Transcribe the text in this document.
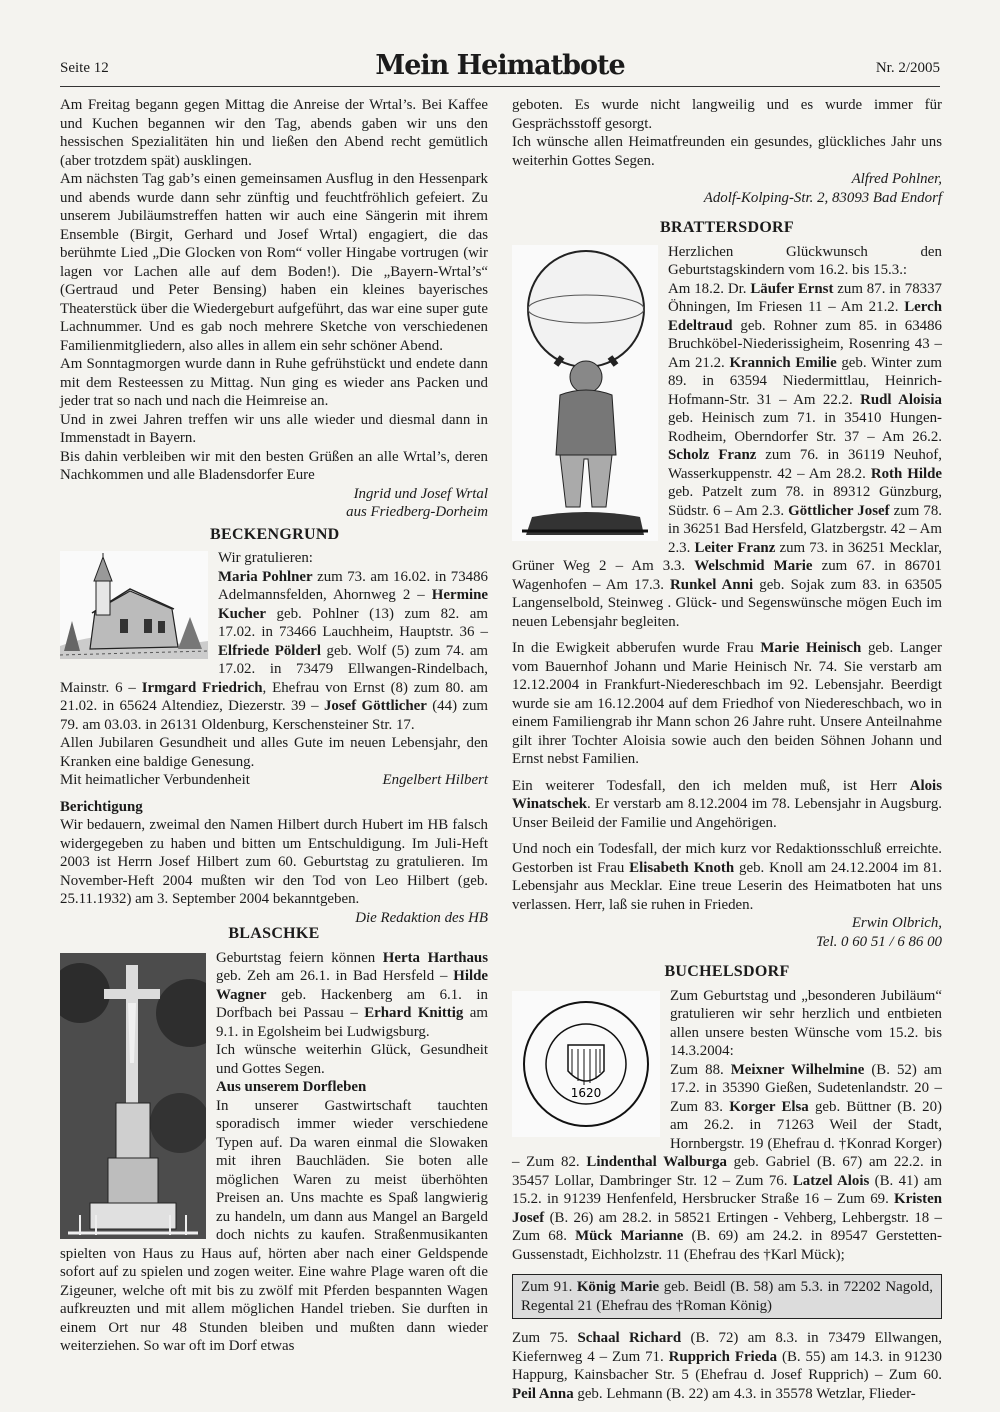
Seite 12	Mein Heimatbote	Nr. 2/2005

Am Freitag begann gegen Mittag die Anreise der Wrtal’s. Bei Kaffee und Kuchen begannen wir den Tag, abends gaben wir uns den hessischen Spezialitäten hin und ließen den Abend recht gemütlich (aber trotzdem spät) ausklingen.

Am nächsten Tag gab’s einen gemeinsamen Ausflug in den Hessenpark und abends wurde dann sehr zünftig und feuchtfröhlich gefeiert. Zu unserem Jubiläumstreffen hatten wir auch eine Sängerin mit ihrem Ensemble (Birgit, Gerhard und Josef Wrtal) engagiert, die das berühmte Lied „Die Glocken von Rom“ voller Hingabe vortrugen (wir lagen vor Lachen alle auf dem Boden!). Die „Bayern-Wrtal’s“ (Gertraud und Peter Bensing) haben ein kleines bayerisches Theaterstück über die Wiedergeburt aufgeführt, das war eine super gute Lachnummer. Und es gab noch mehrere Sketche von verschiedenen Familienmitgliedern, also alles in allem ein sehr schöner Abend.

Am Sonntagmorgen wurde dann in Ruhe gefrühstückt und endete dann mit dem Resteessen zu Mittag. Nun ging es wieder ans Packen und jeder trat so nach und nach die Heimreise an.

Und in zwei Jahren treffen wir uns alle wieder und diesmal dann in Immenstadt in Bayern.

Bis dahin verbleiben wir mit den besten Grüßen an alle Wrtal’s, deren Nachkommen und alle Bladensdorfer Eure

Ingrid und Josef Wrtal

aus Friedberg-Dorheim

BECKENGRUND

Wir gratulieren:

Maria Pohlner zum 73. am 16.02. in 73486 Adelmannsfelden, Ahornweg 2 – Hermine Kucher geb. Pohlner (13) zum 82. am 17.02. in 73466 Lauchheim, Hauptstr. 36 – Elfriede Pölderl geb. Wolf (5) zum 74. am 17.02. in 73479 Ellwangen-Rindelbach, Mainstr. 6 – Irmgard Friedrich, Ehefrau von Ernst (8) zum 80. am 21.02. in 65624 Altendiez, Diezerstr. 39 – Josef Göttlicher (44) zum 79. am 03.03. in 26131 Oldenburg, Kerschensteiner Str. 17.

Allen Jubilaren Gesundheit und alles Gute im neuen Lebensjahr, den Kranken eine baldige Genesung.

Mit heimatlicher Verbundenheit	Engelbert Hilbert

Berichtigung

Wir bedauern, zweimal den Namen Hilbert durch Hubert im HB falsch widergegeben zu haben und bitten um Entschuldigung. Im Juli-Heft 2003 ist Herrn Josef Hilbert zum 60. Geburtstag zu gratulieren. Im November-Heft 2004 mußten wir den Tod von Leo Hilbert (geb. 25.11.1932) am 3. September 2004 bekanntgeben.

Die Redaktion des HB

BLASCHKE

Geburtstag feiern können Herta Harthaus geb. Zeh am 26.1. in Bad Hersfeld – Hilde Wagner geb. Hackenberg am 6.1. in Dorfbach bei Passau – Erhard Knittig am 9.1. in Egolsheim bei Ludwigsburg.

Ich wünsche weiterhin Glück, Gesundheit und Gottes Segen.

Aus unserem Dorfleben

In unserer Gastwirtschaft tauchten sporadisch immer wieder verschiedene Typen auf. Da waren einmal die Slowaken mit ihren Bauchläden. Sie boten alle möglichen Waren zu meist überhöhten Preisen an. Uns machte es Spaß langwierig zu handeln, um dann aus Mangel an Bargeld doch nichts zu kaufen. Straßenmusikanten spielten von Haus zu Haus auf, hörten aber nach einer Geldspende sofort auf zu spielen und zogen weiter. Eine wahre Plage waren oft die Zigeuner, welche oft mit bis zu zwölf mit Pferden bespannten Wagen aufkreuzten und mit allem möglichen Handel trieben. Sie durften in einem Ort nur 48 Stunden bleiben und mußten dann wieder weiterziehen. So war oft im Dorf etwas

geboten. Es wurde nicht langweilig und es wurde immer für Gesprächsstoff gesorgt.

Ich wünsche allen Heimatfreunden ein gesundes, glückliches Jahr uns weiterhin Gottes Segen.

Alfred Pohlner,

Adolf-Kolping-Str. 2, 83093 Bad Endorf

BRATTERSDORF

Herzlichen Glückwunsch den Geburtstagskindern vom 16.2. bis 15.3.:

Am 18.2. Dr. Läufer Ernst zum 87. in 78337 Öhningen, Im Friesen 11 – Am 21.2. Lerch Edeltraud geb. Rohner zum 85. in 63486 Bruchköbel-Niederissigheim, Rosenring 43 – Am 21.2. Krannich Emilie geb. Winter zum 89. in 63594 Niedermittlau, Heinrich-Hofmann-Str. 31 – Am 22.2. Rudl Aloisia geb. Heinisch zum 71. in 35410 Hungen-Rodheim, Oberndorfer Str. 37 – Am 26.2. Scholz Franz zum 76. in 36119 Neuhof, Wasserkuppenstr. 42 – Am 28.2. Roth Hilde geb. Patzelt zum 78. in 89312 Günzburg, Südstr. 6 – Am 2.3. Göttlicher Josef zum 78. in 36251 Bad Hersfeld, Glatzbergstr. 42 – Am 2.3. Leiter Franz zum 73. in 36251 Mecklar, Grüner Weg 2 – Am 3.3. Welschmid Marie zum 67. in 86701 Wagenhofen – Am 17.3. Runkel Anni geb. Sojak zum 83. in 63505 Langenselbold, Steinweg . Glück- und Segenswünsche mögen Euch im neuen Lebensjahr begleiten.

In die Ewigkeit abberufen wurde Frau Marie Heinisch geb. Langer vom Bauernhof Johann und Marie Heinisch Nr. 74. Sie verstarb am 12.12.2004 in Frankfurt-Niedereschbach im 92. Lebensjahr. Beerdigt wurde sie am 16.12.2004 auf dem Friedhof von Niedereschbach, wo in einem Familiengrab ihr Mann schon 26 Jahre ruht. Unsere Anteilnahme gilt ihrer Tochter Aloisia sowie auch den beiden Söhnen Johann und Ernst nebst Familien.

Ein weiterer Todesfall, den ich melden muß, ist Herr Alois Winatschek. Er verstarb am 8.12.2004 im 78. Lebensjahr in Augsburg. Unser Beileid der Familie und Angehörigen.

Und noch ein Todesfall, der mich kurz vor Redaktionsschluß erreichte. Gestorben ist Frau Elisabeth Knoth geb. Knoll am 24.12.2004 im 81. Lebensjahr aus Mecklar. Eine treue Leserin des Heimatboten hat uns verlassen. Herr, laß sie ruhen in Frieden.

Erwin Olbrich,

Tel. 0 60 51 / 6 86 00

BUCHELSDORF
1620

Zum Geburtstag und „besonderen Jubiläum“ gratulieren wir sehr herzlich und entbieten allen unsere besten Wünsche vom 15.2. bis 14.3.2004:

Zum 88. Meixner Wilhelmine (B. 52) am 17.2. in 35390 Gießen, Sudetenlandstr. 20 – Zum 83. Korger Elsa geb. Büttner (B. 20) am 26.2. in 71263 Weil der Stadt, Hornbergstr. 19 (Ehefrau d. †Konrad Korger) – Zum 82. Lindenthal Walburga geb. Gabriel (B. 67) am 22.2. in 35457 Lollar, Dambringer Str. 12 – Zum 76. Latzel Alois (B. 41) am 15.2. in 91239 Henfenfeld, Hersbrucker Straße 16 – Zum 69. Kristen Josef (B. 26) am 28.2. in 58521 Ertingen - Vehberg, Lehbergstr. 18 –Zum 68. Mück Marianne (B. 69) am 24.2. in 89547 Gerstetten-Gussenstadt, Eichholzstr. 11 (Ehefrau des †Karl Mück);

Zum 91. König Marie geb. Beidl (B. 58) am 5.3. in 72202 Nagold, Regental 21 (Ehefrau des †Roman König)

Zum 75. Schaal Richard (B. 72) am 8.3. in 73479 Ellwangen, Kiefernweg 4 – Zum 71. Rupprich Frieda (B. 55) am 14.3. in 91230 Happurg, Kainsbacher Str. 5 (Ehefrau d. Josef Rupprich) – Zum 60. Peil Anna geb. Lehmann (B. 22) am 4.3. in 35578 Wetzlar, Flieder-
